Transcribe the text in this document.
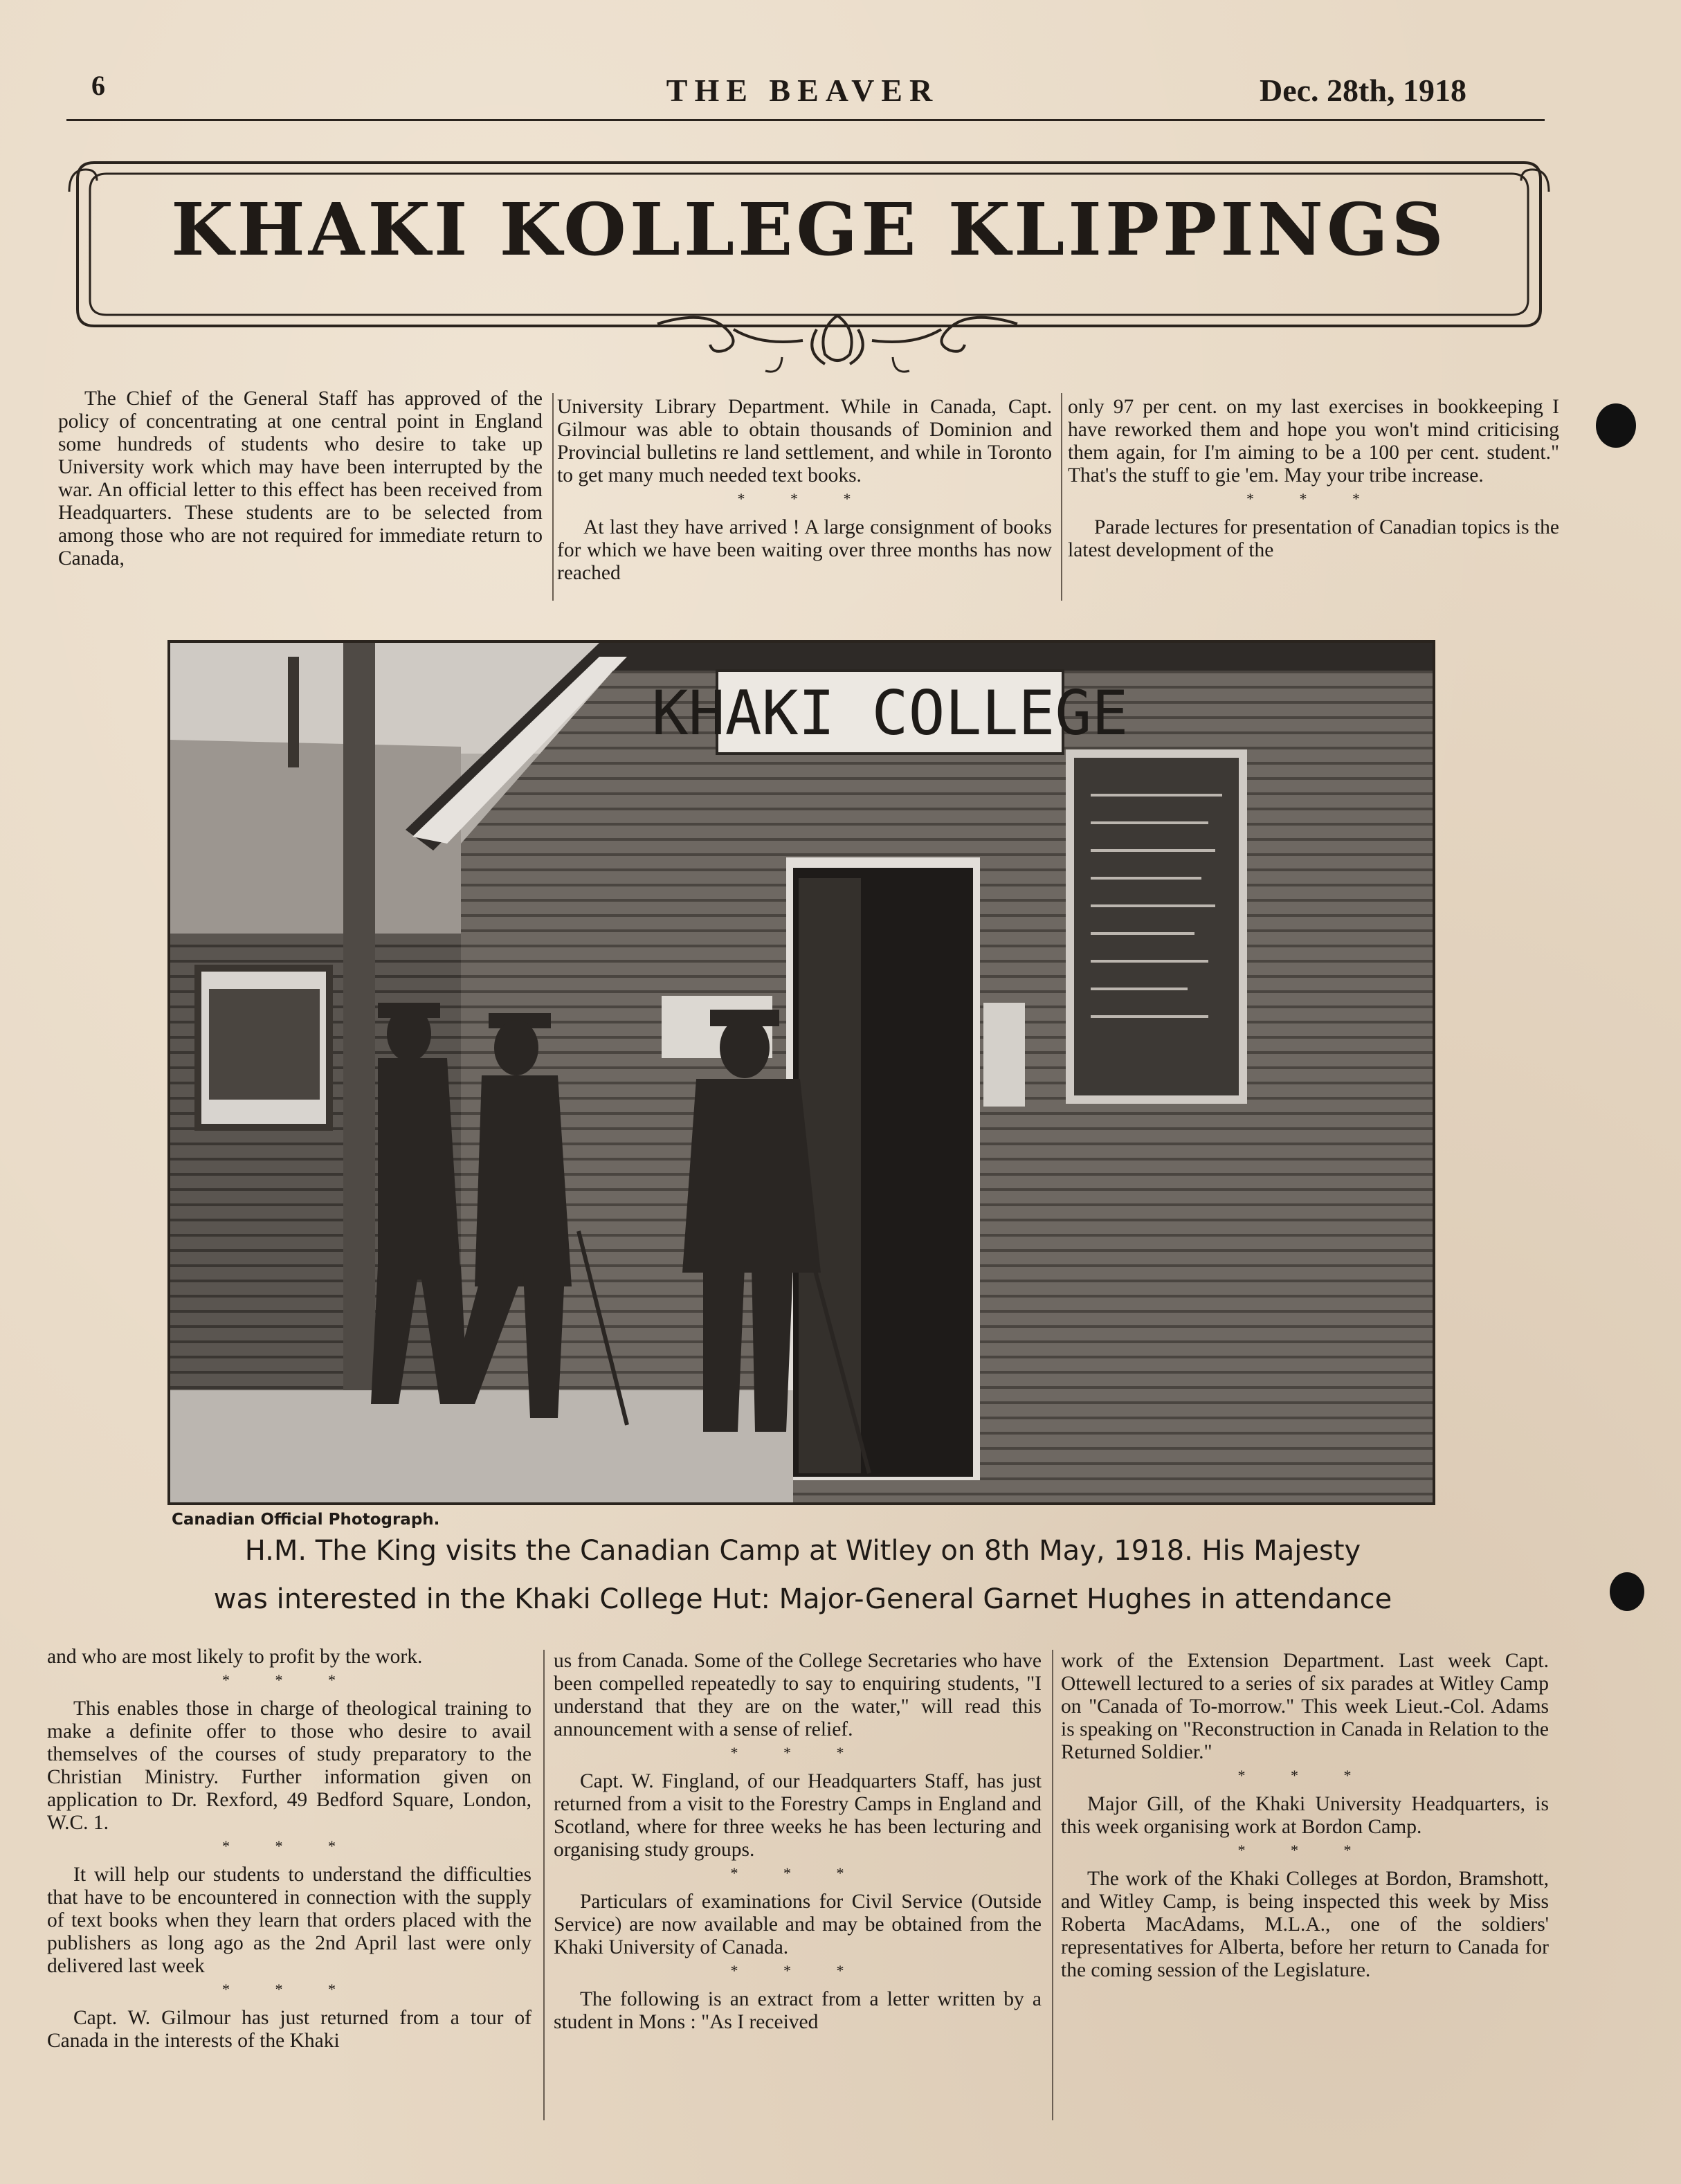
6	THE BEAVER	Dec. 28th, 1918
KHAKI KOLLEGE KLIPPINGS

The Chief of the General Staff has approved of the policy of concentrating at one central point in England some hundreds of students who desire to take up University work which may have been interrupted by the war. An official letter to this effect has been received from Headquarters. These students are to be selected from among those who are not required for immediate return to Canada,

University Library Department. While in Canada, Capt. Gilmour was able to obtain thousands of Dominion and Provincial bulletins re land settlement, and while in Toronto to get many much needed text books.

* * *

At last they have arrived ! A large consignment of books for which we have been waiting over three months has now reached

only 97 per cent. on my last exercises in bookkeeping I have reworked them and hope you won't mind criticising them again, for I'm aiming to be a 100 per cent. student." That's the stuff to gie 'em. May your tribe increase.

* * *

Parade lectures for presentation of Canadian topics is the latest development of the

KHAKI COLLEGE
Canadian Official Photograph.
H.M. The King visits the Canadian Camp at Witley on 8th May, 1918. His Majesty
was interested in the Khaki College Hut: Major-General Garnet Hughes in attendance

and who are most likely to profit by the work.

* * *

This enables those in charge of theological training to make a definite offer to those who desire to avail themselves of the courses of study preparatory to the Christian Ministry. Further information given on application to Dr. Rexford, 49 Bedford Square, London, W.C. 1.

* * *

It will help our students to understand the difficulties that have to be encountered in connection with the supply of text books when they learn that orders placed with the publishers as long ago as the 2nd April last were only delivered last week

* * *

Capt. W. Gilmour has just returned from a tour of Canada in the interests of the Khaki

us from Canada. Some of the College Secretaries who have been compelled repeatedly to say to enquiring students, "I understand that they are on the water," will read this announcement with a sense of relief.

* * *

Capt. W. Fingland, of our Headquarters Staff, has just returned from a visit to the Forestry Camps in England and Scotland, where for three weeks he has been lecturing and organising study groups.

* * *

Particulars of examinations for Civil Service (Outside Service) are now available and may be obtained from the Khaki University of Canada.

* * *

The following is an extract from a letter written by a student in Mons : "As I received

work of the Extension Department. Last week Capt. Ottewell lectured to a series of six parades at Witley Camp on "Canada of To-morrow." This week Lieut.-Col. Adams is speaking on "Reconstruction in Canada in Relation to the Returned Soldier."

* * *

Major Gill, of the Khaki University Headquarters, is this week organising work at Bordon Camp.

* * *

The work of the Khaki Colleges at Bordon, Bramshott, and Witley Camp, is being inspected this week by Miss Roberta MacAdams, M.L.A., one of the soldiers' representatives for Alberta, before her return to Canada for the coming session of the Legislature.
